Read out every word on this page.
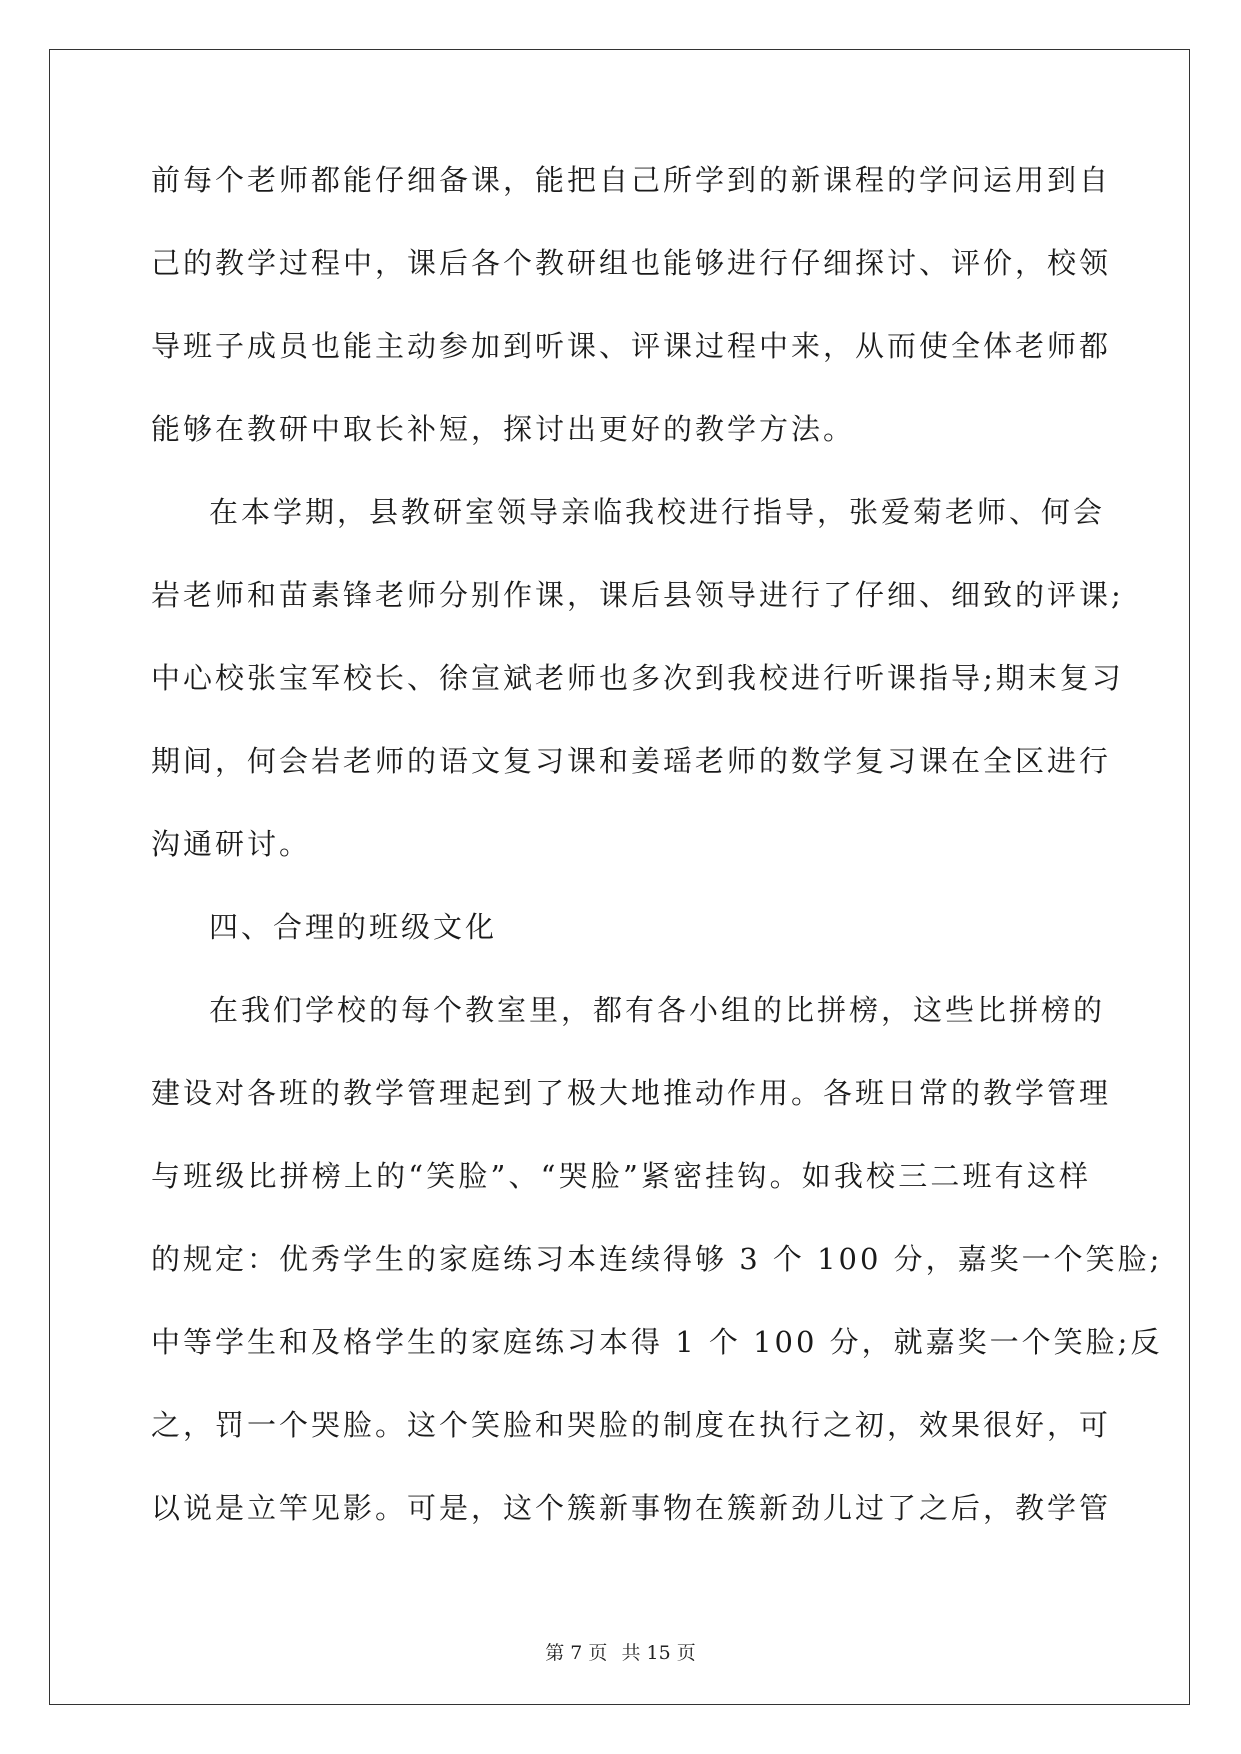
前每个老师都能仔细备课，能把自己所学到的新课程的学问运用到自
己的教学过程中，课后各个教研组也能够进行仔细探讨、评价，校领
导班子成员也能主动参加到听课、评课过程中来，从而使全体老师都
能够在教研中取长补短，探讨出更好的教学方法。
在本学期，县教研室领导亲临我校进行指导，张爱菊老师、何会
岩老师和苗素锋老师分别作课，课后县领导进行了仔细、细致的评课;
中心校张宝军校长、徐宣斌老师也多次到我校进行听课指导;期末复习
期间，何会岩老师的语文复习课和姜瑶老师的数学复习课在全区进行
沟通研讨。
四、合理的班级文化
在我们学校的每个教室里，都有各小组的比拼榜，这些比拼榜的
建设对各班的教学管理起到了极大地推动作用。各班日常的教学管理
与班级比拼榜上的“笑脸”、“哭脸”紧密挂钩。如我校三二班有这样
的规定：优秀学生的家庭练习本连续得够 3 个 100 分，嘉奖一个笑脸;
中等学生和及格学生的家庭练习本得 1 个 100 分，就嘉奖一个笑脸;反
之，罚一个哭脸。这个笑脸和哭脸的制度在执行之初，效果很好，可
以说是立竿见影。可是，这个簇新事物在簇新劲儿过了之后，教学管
第 7 页 共 15 页
